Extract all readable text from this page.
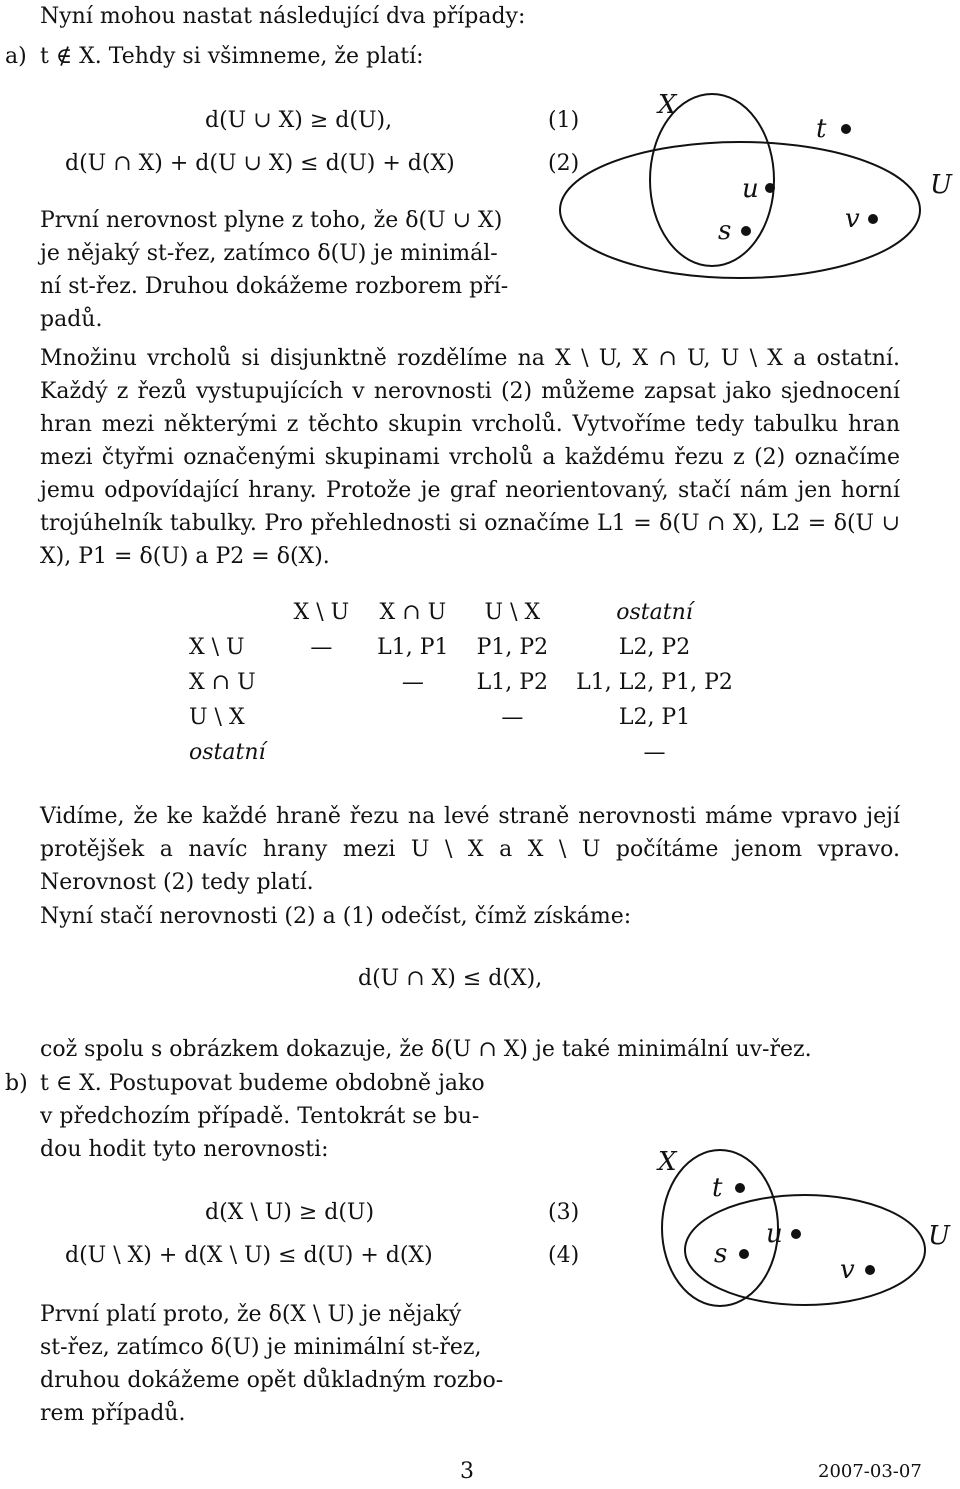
Nyní mohou nastat následující dva případy:
a) t ∉ X. Tehdy si všimneme, že platí:
d(U ∪ X) ≥ d(U),	(1)
d(U ∩ X) + d(U ∪ X) ≤ d(U) + d(X)	(2)
První nerovnost plyne z toho, že δ(U ∪ X)
je nějaký st-řez, zatímco δ(U) je minimál-
ní st-řez. Druhou dokážeme rozborem pří-
padů.
X
U
t
u
s	v

Množinu vrcholů si disjunktně rozdělíme na X \ U, X ∩ U, U \ X a ostatní. Každý z řezů vystupujících v nerovnosti (2) můžeme zapsat jako sjednocení hran mezi některými z těchto skupin vrcholů. Vytvoříme tedy tabulku hran mezi čtyřmi označenými skupinami vrcholů a každému řezu z (2) označíme jemu odpovídající hrany. Protože je graf neorientovaný, stačí nám jen horní trojúhelník tabulky. Pro přehlednosti si označíme L1 = δ(U ∩ X), L2 = δ(U ∪ X), P1 = δ(U) a P2 = δ(X).

	X \ U	X ∩ U	U \ X	ostatní
X \ U	—	L1, P1	P1, P2	L2, P2
X ∩ U		—	L1, P2	L1, L2, P1, P2
U \ X			—	L2, P1
ostatní				—

Vidíme, že ke každé hraně řezu na levé straně nerovnosti máme vpravo její protějšek a navíc hrany mezi U \ X a X \ U počítáme jenom vpravo. Nerovnost (2) tedy platí.

Nyní stačí nerovnosti (2) a (1) odečíst, čímž získáme:

d(U ∩ X) ≤ d(X),

což spolu s obrázkem dokazuje, že δ(U ∩ X) je také minimální uv-řez.

b) t ∈ X. Postupovat budeme obdobně jako
v předchozím případě. Tentokrát se bu-
dou hodit tyto nerovnosti:
d(X \ U) ≥ d(U)	(3)
d(U \ X) + d(X \ U) ≤ d(U) + d(X)	(4)
První platí proto, že δ(X \ U) je nějaký
st-řez, zatímco δ(U) je minimální st-řez,
druhou dokážeme opět důkladným rozbo-
rem případů.
X
U
t
u
s
v
3	2007-03-07
